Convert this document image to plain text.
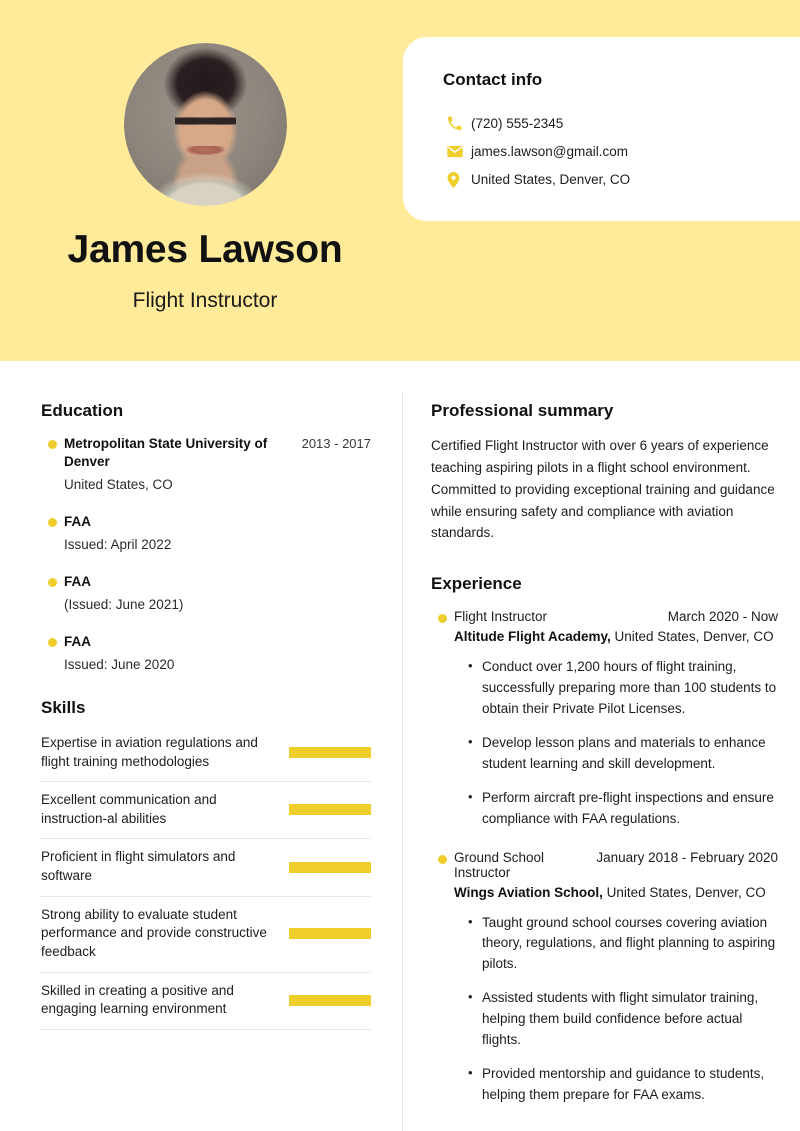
James Lawson
Flight Instructor
Contact info
(720) 555-2345
james.lawson@gmail.com
United States, Denver, CO
Education
Metropolitan State University of Denver
2013 - 2017
United States, CO
FAA
Issued: April 2022
FAA
(Issued: June 2021)
FAA
Issued: June 2020
Skills
Expertise in aviation regulations and flight training methodologies
Excellent communication and instruction-al abilities
Proficient in flight simulators and software
Strong ability to evaluate student performance and provide constructive feedback
Skilled in creating a positive and engaging learning environment
Professional summary
Certified Flight Instructor with over 6 years of experience teaching aspiring pilots in a flight school environment. Committed to providing exceptional training and guidance while ensuring safety and compliance with aviation standards.
Experience
Flight Instructor	March 2020 - Now
Altitude Flight Academy, United States, Denver, CO
• Conduct over 1,200 hours of flight training, successfully preparing more than 100 students to obtain their Private Pilot Licenses.
• Develop lesson plans and materials to enhance student learning and skill development.
• Perform aircraft pre-flight inspections and ensure compliance with FAA regulations.
Ground School Instructor
January 2018 - February 2020
Wings Aviation School, United States, Denver, CO
• Taught ground school courses covering aviation theory, regulations, and flight planning to aspiring pilots.
• Assisted students with flight simulator training, helping them build confidence before actual flights.
• Provided mentorship and guidance to students, helping them prepare for FAA exams.
